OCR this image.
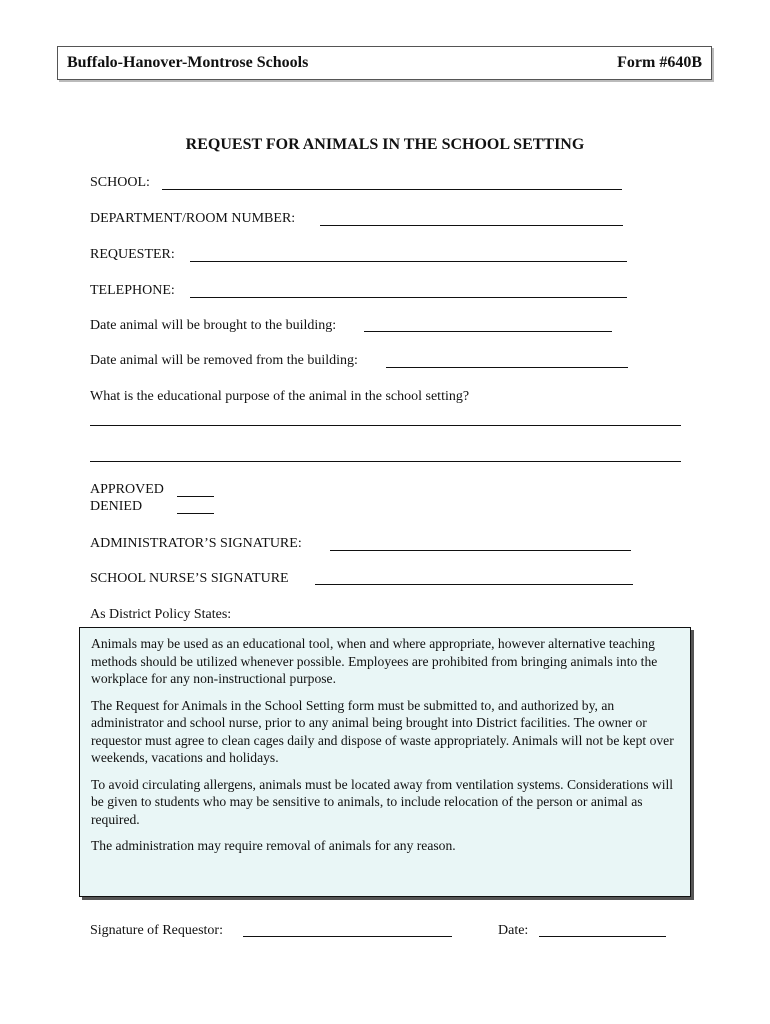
Buffalo-Hanover-Montrose Schools	Form #640B
REQUEST FOR ANIMALS IN THE SCHOOL SETTING
SCHOOL:
DEPARTMENT/ROOM NUMBER:
REQUESTER:
TELEPHONE:
Date animal will be brought to the building:
Date animal will be removed from the building:
What is the educational purpose of the animal in the school setting?
APPROVED
DENIED
ADMINISTRATOR’S SIGNATURE:
SCHOOL NURSE’S SIGNATURE
As District Policy States:

Animals may be used as an educational tool, when and where appropriate, however alternative teaching methods should be utilized whenever possible. Employees are prohibited from bringing animals into the workplace for any non-instructional purpose.

The Request for Animals in the School Setting form must be submitted to, and authorized by, an administrator and school nurse, prior to any animal being brought into District facilities. The owner or requestor must agree to clean cages daily and dispose of waste appropriately. Animals will not be kept over weekends, vacations and holidays.

To avoid circulating allergens, animals must be located away from ventilation systems. Considerations will be given to students who may be sensitive to animals, to include relocation of the person or animal as required.

The administration may require removal of animals for any reason.

Signature of Requestor:	Date:
